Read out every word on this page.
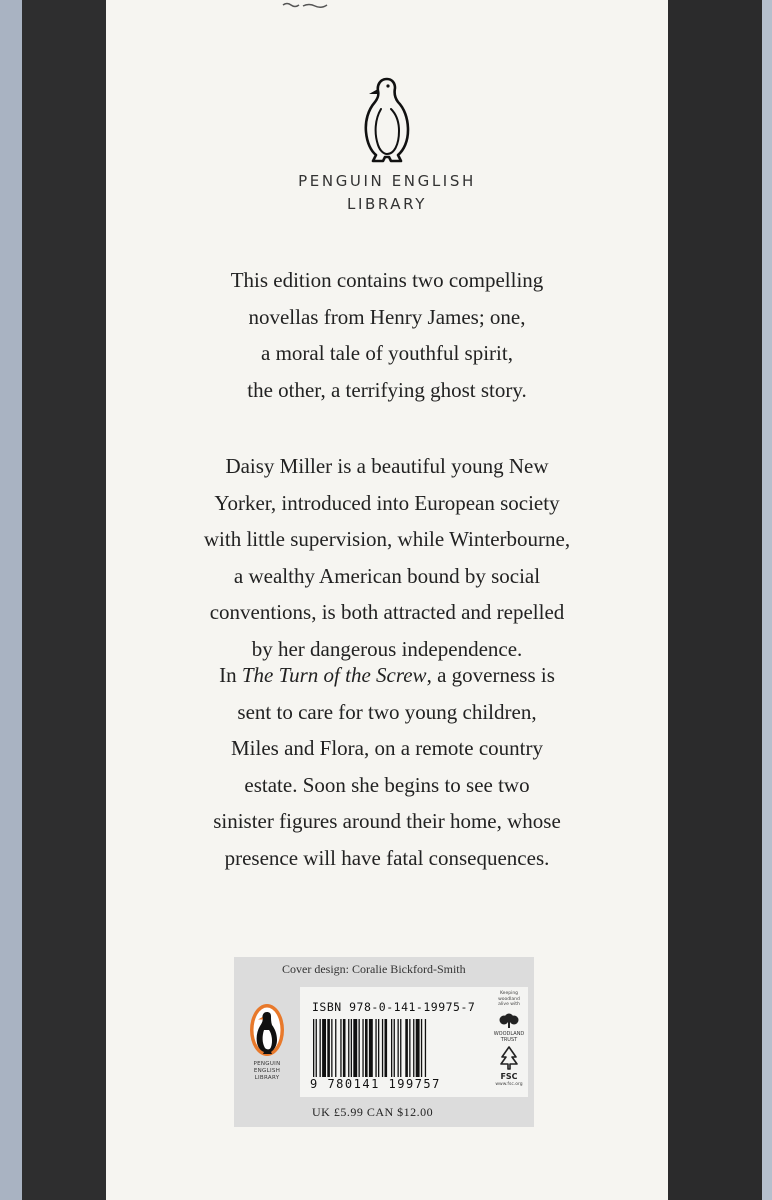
PENGUIN ENGLISH
LIBRARY

This edition contains two compelling
novellas from Henry James; one,
a moral tale of youthful spirit,
the other, a terrifying ghost story.

Daisy Miller is a beautiful young New
Yorker, introduced into European society
with little supervision, while Winterbourne,
a wealthy American bound by social
conventions, is both attracted and repelled
by her dangerous independence.

In The Turn of the Screw, a governess is
sent to care for two young children,
Miles and Flora, on a remote country
estate. Soon she begins to see two
sinister figures around their home, whose
presence will have fatal consequences.

Cover design: Coralie Bickford-Smith
PENGUIN
ENGLISH
LIBRARY
ISBN 978-0-141-19975-7
9 780141 199757
Keeping
woodland
alive with
WOODLAND
TRUST
FSC
www.fsc.org
UK £5.99 CAN $12.00
